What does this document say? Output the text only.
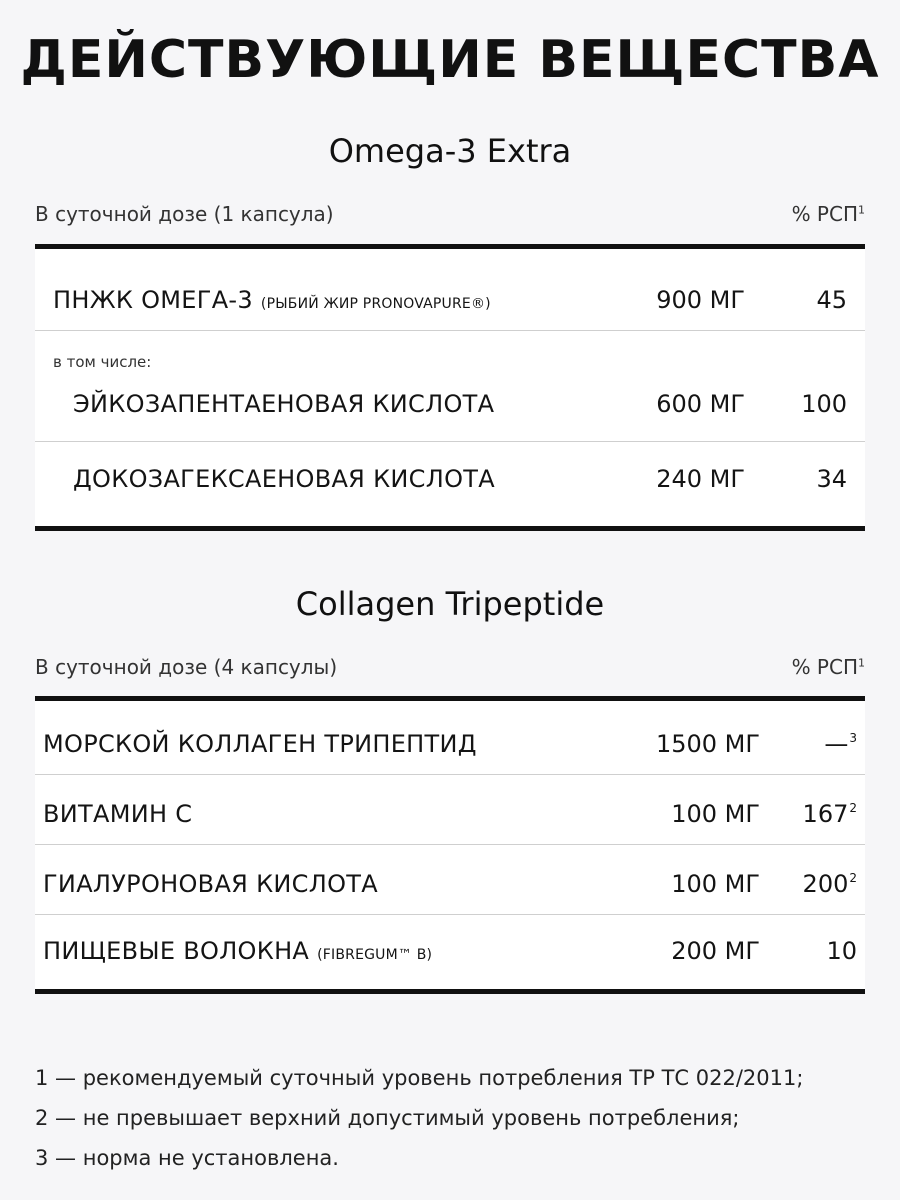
ДЕЙСТВУЮЩИЕ ВЕЩЕСТВА
Omega-3 Extra
В суточной дозе (1 капсула)	% РСП$^1$
ПНЖК ОМЕГА-3 (РЫБИЙ ЖИР PRONOVAPURE®)	900 МГ	45
в том числе:
ЭЙКОЗАПЕНТАЕНОВАЯ КИСЛОТА	600 МГ 100
ДОКОЗАГЕКСАЕНОВАЯ КИСЛОТА	240 МГ	34
Collagen Tripeptide
В суточной дозе (4 капсулы)	% РСП$^1$
МОРСКОЙ КОЛЛАГЕН ТРИПЕПТИД	1500 МГ	—$^3$
ВИТАМИН С	100 МГ $167^2$
ГИАЛУРОНОВАЯ КИСЛОТА	100 МГ $200^2$
ПИЩЕВЫЕ ВОЛОКНА (FIBREGUM™ B)	200 МГ	10
1 — рекомендуемый суточный уровень потребления ТР ТС 022/2011;
2 — не превышает верхний допустимый уровень потребления;
3 — норма не установлена.
